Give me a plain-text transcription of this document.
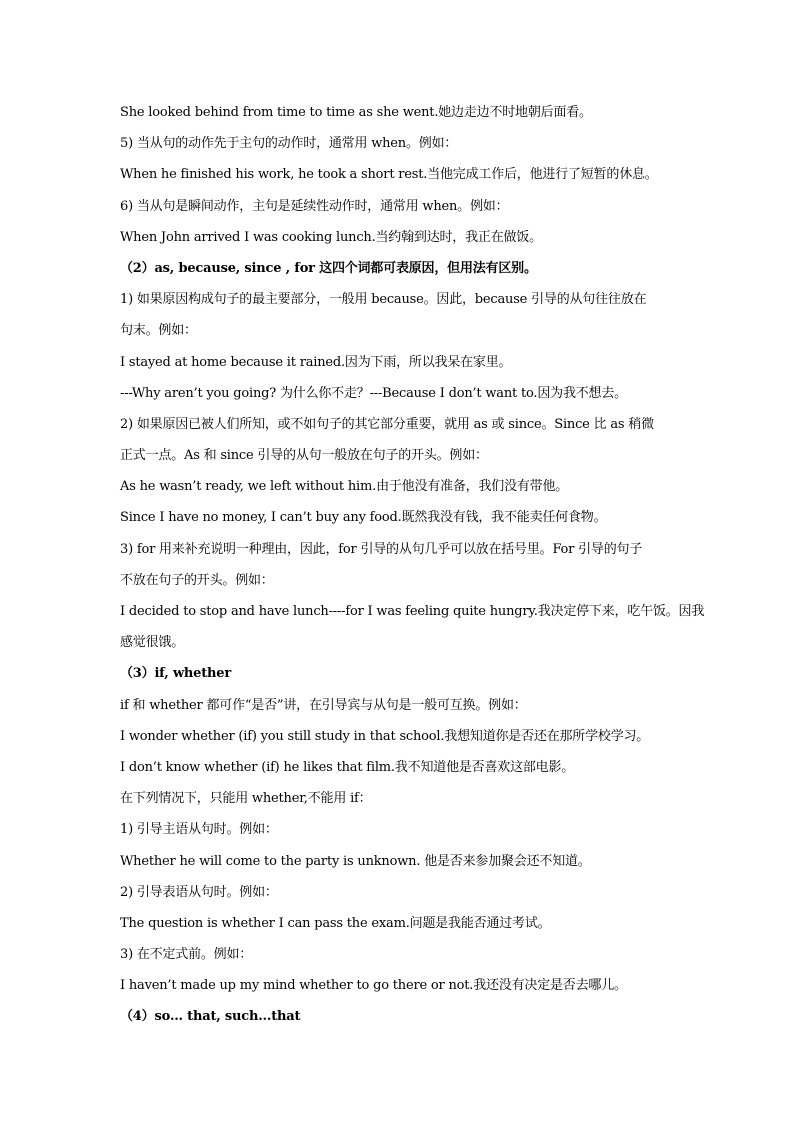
She looked behind from time to time as she went.她边走边不时地朝后面看。
5) 当从句的动作先于主句的动作时，通常用 when。例如：
When he finished his work, he took a short rest.当他完成工作后，他进行了短暂的休息。
6) 当从句是瞬间动作，主句是延续性动作时，通常用 when。例如：
When John arrived I was cooking lunch.当约翰到达时，我正在做饭。
（2）as, because, since , for 这四个词都可表原因，但用法有区别。
1) 如果原因构成句子的最主要部分，一般用 because。因此，because 引导的从句往往放在
句末。例如：
I stayed at home because it rained.因为下雨，所以我呆在家里。
---Why aren’t you going? 为什么你不走？---Because I don’t want to.因为我不想去。
2) 如果原因已被人们所知，或不如句子的其它部分重要，就用 as 或 since。Since 比 as 稍微
正式一点。As 和 since 引导的从句一般放在句子的开头。例如：
As he wasn’t ready, we left without him.由于他没有准备，我们没有带他。
Since I have no money, I can’t buy any food.既然我没有钱，我不能卖任何食物。
3) for 用来补充说明一种理由，因此，for 引导的从句几乎可以放在括号里。For 引导的句子
不放在句子的开头。例如：
I decided to stop and have lunch----for I was feeling quite hungry.我决定停下来，吃午饭。因我
感觉很饿。
（3）if, whether
if 和 whether 都可作“是否”讲，在引导宾与从句是一般可互换。例如：
I wonder whether (if) you still study in that school.我想知道你是否还在那所学校学习。
I don’t know whether (if) he likes that film.我不知道他是否喜欢这部电影。
在下列情况下，只能用 whether,不能用 if：
1) 引导主语从句时。例如：
Whether he will come to the party is unknown. 他是否来参加聚会还不知道。
2) 引导表语从句时。例如：
The question is whether I can pass the exam.问题是我能否通过考试。
3) 在不定式前。例如：
I haven’t made up my mind whether to go there or not.我还没有决定是否去哪儿。
（4）so… that, such...that
